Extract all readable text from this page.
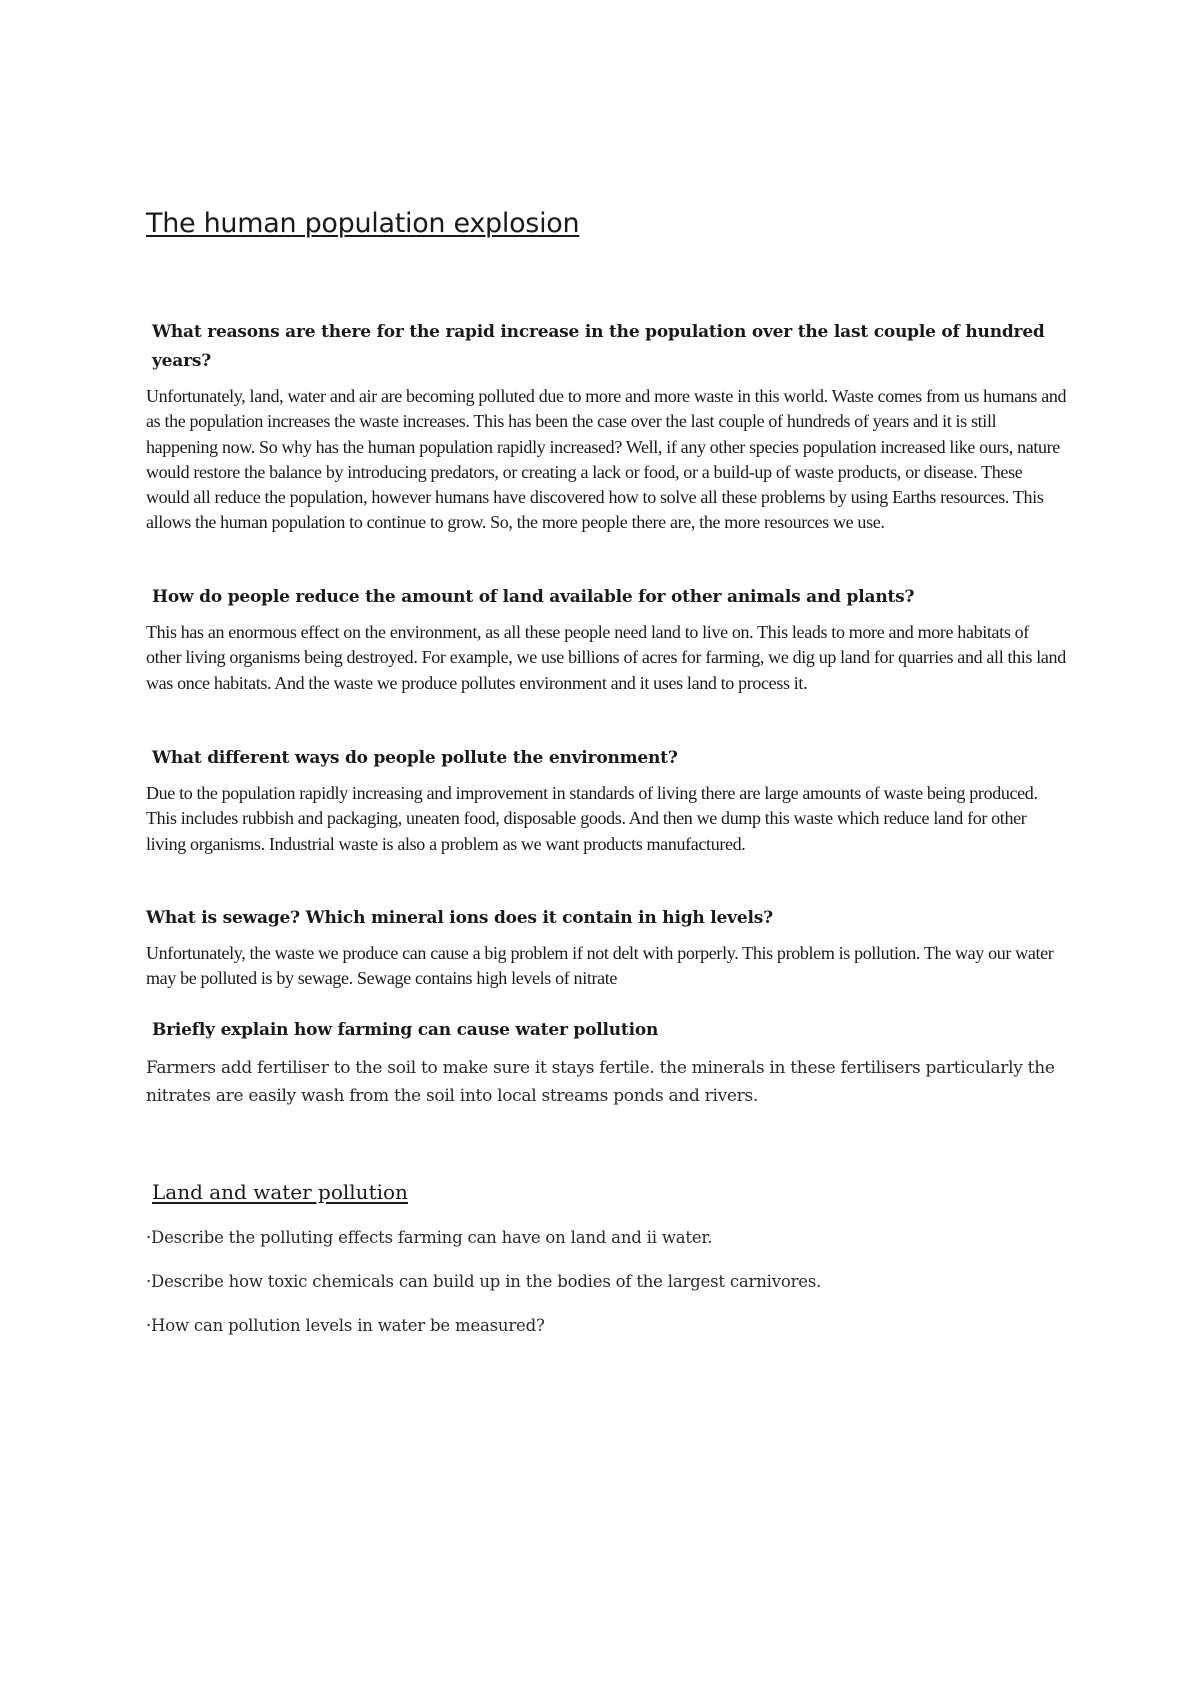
The human population explosion

What reasons are there for the rapid increase in the population over the last couple of hundred years?

Unfortunately, land, water and air are becoming polluted due to more and more waste in this world. Waste comes from us humans and as the population increases the waste increases. This has been the case over the last couple of hundreds of years and it is still happening now. So why has the human population rapidly increased? Well, if any other species population increased like ours, nature would restore the balance by introducing predators, or creating a lack or food, or a build-up of waste products, or disease. These would all reduce the population, however humans have discovered how to solve all these problems by using Earths resources. This allows the human population to continue to grow. So, the more people there are, the more resources we use.

How do people reduce the amount of land available for other animals and plants?

This has an enormous effect on the environment, as all these people need land to live on. This leads to more and more habitats of other living organisms being destroyed. For example, we use billions of acres for farming, we dig up land for quarries and all this land was once habitats. And the waste we produce pollutes environment and it uses land to process it.

What different ways do people pollute the environment?

Due to the population rapidly increasing and improvement in standards of living there are large amounts of waste being produced. This includes rubbish and packaging, uneaten food, disposable goods. And then we dump this waste which reduce land for other living organisms. Industrial waste is also a problem as we want products manufactured.

What is sewage? Which mineral ions does it contain in high levels?

Unfortunately, the waste we produce can cause a big problem if not delt with porperly. This problem is pollution. The way our water may be polluted is by sewage. Sewage contains high levels of nitrate

Briefly explain how farming can cause water pollution

Farmers add fertiliser to the soil to make sure it stays fertile. the minerals in these fertilisers particularly the nitrates are easily wash from the soil into local streams ponds and rivers.

Land and water pollution

·Describe the polluting effects farming can have on land and ii water.

·Describe how toxic chemicals can build up in the bodies of the largest carnivores.

·How can pollution levels in water be measured?
